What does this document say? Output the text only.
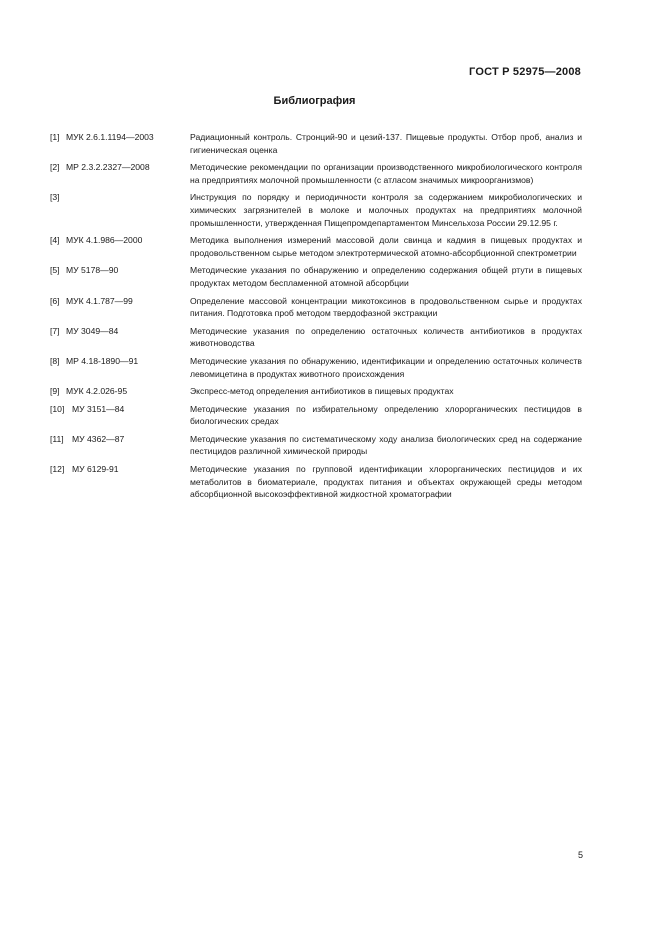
ГОСТ Р 52975—2008
Библиография
[1] МУК 2.6.1.1194—2003	Радиационный контроль. Стронций-90 и цезий-137. Пищевые продукты. Отбор проб, анализ и гигиеническая оценка
[2] МР 2.3.2.2327—2008	Методические рекомендации по организации производственного микробиологического контроля на предприятиях молочной промышленности (с атласом значимых микроорганизмов)
[3]	Инструкция по порядку и периодичности контроля за содержанием микробиологических и химических загрязнителей в молоке и молочных продуктах на предприятиях молочной промышленности, утвержденная Пищепромдепартаментом Минсельхоза России 29.12.95 г.
[4] МУК 4.1.986—2000	Методика выполнения измерений массовой доли свинца и кадмия в пищевых продуктах и продовольственном сырье методом электротермической атомно-абсорбционной спектрометрии
[5] МУ 5178—90	Методические указания по обнаружению и определению содержания общей ртути в пищевых продуктах методом беспламенной атомной абсорбции
[6] МУК 4.1.787—99	Определение массовой концентрации микотоксинов в продовольственном сырье и продуктах питания. Подготовка проб методом твердофазной экстракции
[7] МУ 3049—84	Методические указания по определению остаточных количеств антибиотиков в продуктах животноводства
[8] МР 4.18-1890—91	Методические указания по обнаружению, идентификации и определению остаточных количеств левомицетина в продуктах животного происхождения
[9] МУК 4.2.026-95	Экспресс-метод определения антибиотиков в пищевых продуктах
[10] МУ 3151—84	Методические указания по избирательному определению хлорорганических пестицидов в биологических средах
[11] МУ 4362—87	Методические указания по систематическому ходу анализа биологических сред на содержание пестицидов различной химической природы
[12] МУ 6129-91	Методические указания по групповой идентификации хлорорганических пестицидов и их метаболитов в биоматериале, продуктах питания и объектах окружающей среды методом абсорбционной высокоэффективной жидкостной хроматографии
5
